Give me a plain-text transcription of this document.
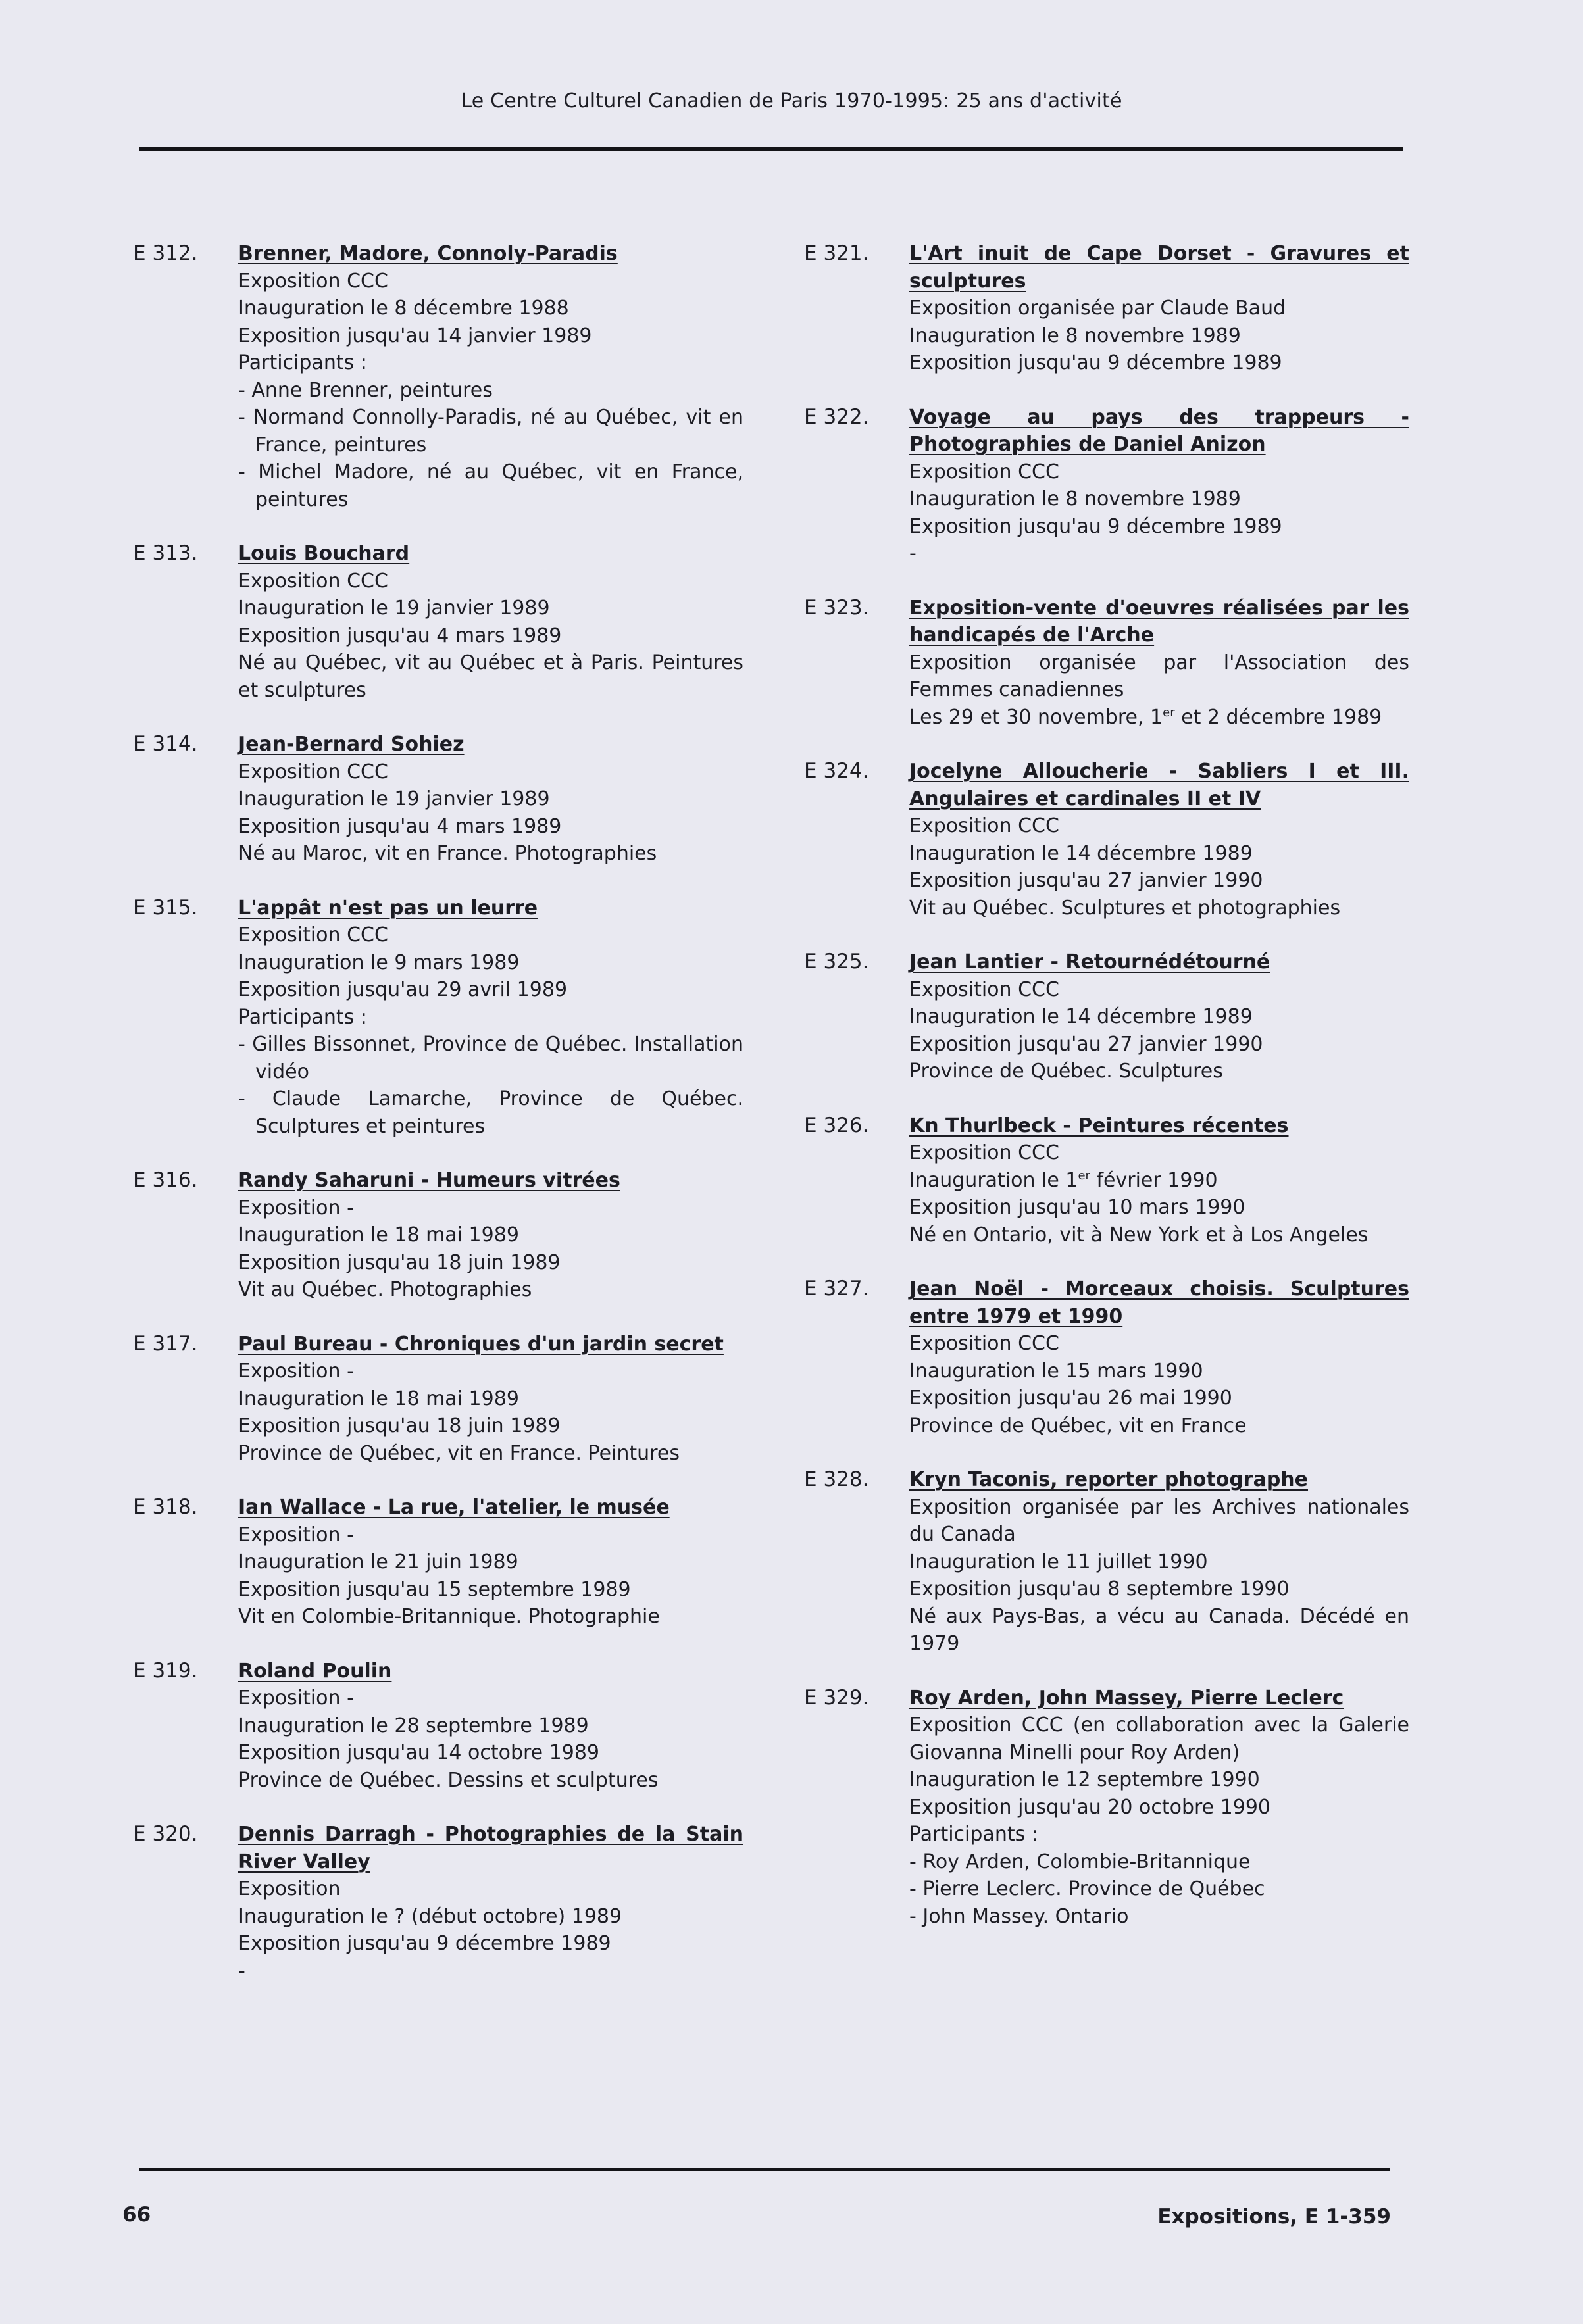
Le Centre Culturel Canadien de Paris 1970-1995: 25 ans d'activité
E 312. Brenner, Madore, Connoly-Paradis
Exposition CCC
Inauguration le 8 décembre 1988
Exposition jusqu'au 14 janvier 1989
Participants :
- Anne Brenner, peintures
- Normand Connolly-Paradis, né au Québec, vit en France, peintures
- Michel Madore, né au Québec, vit en France, peintures
E 313. Louis Bouchard
Exposition CCC
Inauguration le 19 janvier 1989
Exposition jusqu'au 4 mars 1989
Né au Québec, vit au Québec et à Paris. Peintures et sculptures
E 314. Jean-Bernard Sohiez
Exposition CCC
Inauguration le 19 janvier 1989
Exposition jusqu'au 4 mars 1989
Né au Maroc, vit en France. Photographies
E 315. L'appât n'est pas un leurre
Exposition CCC
Inauguration le 9 mars 1989
Exposition jusqu'au 29 avril 1989
Participants :
- Gilles Bissonnet, Province de Québec. Installation vidéo
- Claude Lamarche, Province de Québec. Sculptures et peintures
E 316. Randy Saharuni - Humeurs vitrées
Exposition -
Inauguration le 18 mai 1989
Exposition jusqu'au 18 juin 1989
Vit au Québec. Photographies
E 317. Paul Bureau - Chroniques d'un jardin secret
Exposition -
Inauguration le 18 mai 1989
Exposition jusqu'au 18 juin 1989
Province de Québec, vit en France. Peintures
E 318. Ian Wallace - La rue, l'atelier, le musée
Exposition -
Inauguration le 21 juin 1989
Exposition jusqu'au 15 septembre 1989
Vit en Colombie-Britannique. Photographie
E 319. Roland Poulin
Exposition -
Inauguration le 28 septembre 1989
Exposition jusqu'au 14 octobre 1989
Province de Québec. Dessins et sculptures
E 320. Dennis Darragh - Photographies de la Stain River Valley
Exposition
Inauguration le ? (début octobre) 1989
Exposition jusqu'au 9 décembre 1989
-
E 321. L'Art inuit de Cape Dorset - Gravures et sculptures
Exposition organisée par Claude Baud
Inauguration le 8 novembre 1989
Exposition jusqu'au 9 décembre 1989
E 322. Voyage au pays des trappeurs - Photographies de Daniel Anizon
Exposition CCC
Inauguration le 8 novembre 1989
Exposition jusqu'au 9 décembre 1989
-
E 323. Exposition-vente d'oeuvres réalisées par les handicapés de l'Arche
Exposition organisée par l'Association des Femmes canadiennes
Les 29 et 30 novembre, 1er et 2 décembre 1989
E 324. Jocelyne Alloucherie - Sabliers I et III. Angulaires et cardinales II et IV
Exposition CCC
Inauguration le 14 décembre 1989
Exposition jusqu'au 27 janvier 1990
Vit au Québec. Sculptures et photographies
E 325. Jean Lantier - Retournédétourné
Exposition CCC
Inauguration le 14 décembre 1989
Exposition jusqu'au 27 janvier 1990
Province de Québec. Sculptures
E 326. Kn Thurlbeck - Peintures récentes
Exposition CCC
Inauguration le 1er février 1990
Exposition jusqu'au 10 mars 1990
Né en Ontario, vit à New York et à Los Angeles
E 327. Jean Noël - Morceaux choisis. Sculptures entre 1979 et 1990
Exposition CCC
Inauguration le 15 mars 1990
Exposition jusqu'au 26 mai 1990
Province de Québec, vit en France
E 328. Kryn Taconis, reporter photographe
Exposition organisée par les Archives nationales du Canada
Inauguration le 11 juillet 1990
Exposition jusqu'au 8 septembre 1990
Né aux Pays-Bas, a vécu au Canada. Décédé en 1979
E 329. Roy Arden, John Massey, Pierre Leclerc
Exposition CCC (en collaboration avec la Galerie Giovanna Minelli pour Roy Arden)
Inauguration le 12 septembre 1990
Exposition jusqu'au 20 octobre 1990
Participants :
- Roy Arden, Colombie-Britannique
- Pierre Leclerc. Province de Québec
- John Massey. Ontario
66	Expositions, E 1-359
